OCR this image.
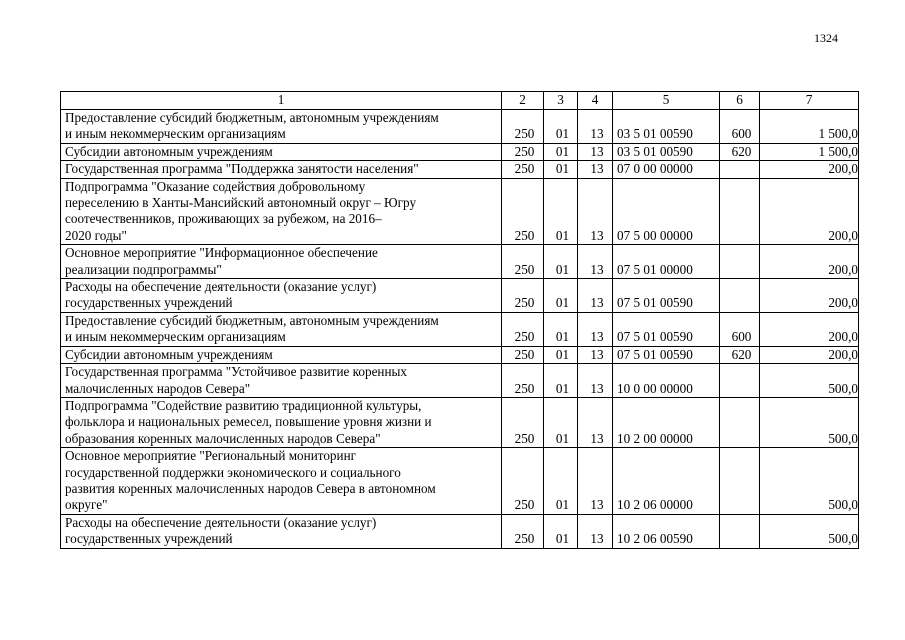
1324
1	2	3	4	5	6	7

Предоставление субсидий бюджетным, автономным учреждениям
и иным некоммерческим организациям	250	01	13	03 5 01 00590	600	1 500,0

Субсидии автономным учреждениям	250	01	13	03 5 01 00590	620	1 500,0

Государственная программа "Поддержка занятости населения"	250	01	13	07 0 00 00000		200,0

Подпрограмма "Оказание содействия добровольному
переселению в Ханты-Мансийский автономный округ – Югру
соотечественников, проживающих за рубежом, на 2016–
2020 годы"	250	01	13	07 5 00 00000		200,0

Основное мероприятие "Информационное обеспечение
реализации подпрограммы"	250	01	13	07 5 01 00000		200,0

Расходы на обеспечение деятельности (оказание услуг)
государственных учреждений	250	01	13	07 5 01 00590		200,0

Предоставление субсидий бюджетным, автономным учреждениям
и иным некоммерческим организациям	250	01	13	07 5 01 00590	600	200,0

Субсидии автономным учреждениям	250	01	13	07 5 01 00590	620	200,0

Государственная программа "Устойчивое развитие коренных
малочисленных народов Севера"	250	01	13	10 0 00 00000		500,0

Подпрограмма "Содействие развитию традиционной культуры,
фольклора и национальных ремесел, повышение уровня жизни и
образования коренных малочисленных народов Севера"	250	01	13	10 2 00 00000		500,0

Основное мероприятие "Региональный мониторинг
государственной поддержки экономического и социального
развития коренных малочисленных народов Севера в автономном
округе"	250	01	13	10 2 06 00000		500,0

Расходы на обеспечение деятельности (оказание услуг)
государственных учреждений	250	01	13	10 2 06 00590		500,0
